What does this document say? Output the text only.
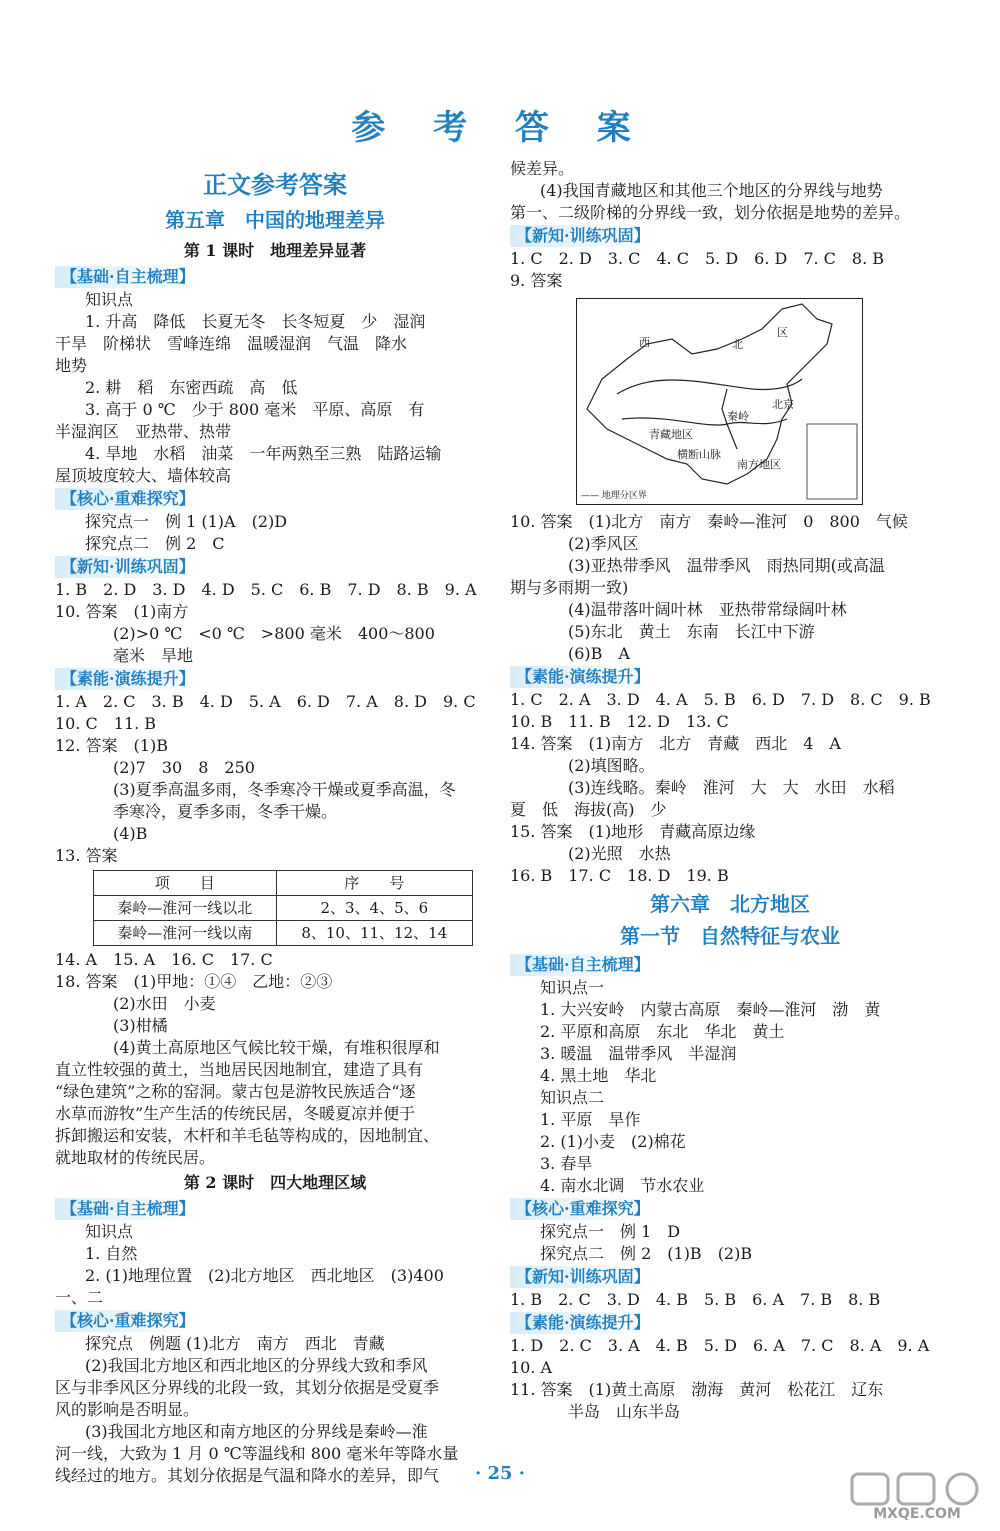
参 考 答 案
正文参考答案
第五章　中国的地理差异
第 1 课时　地理差异显著
【基础·自主梳理】

知识点

1. 升高　降低　长夏无冬　长冬短夏　少　湿润

干旱　阶梯状　雪峰连绵　温暖湿润　气温　降水

地势

2. 耕　稻　东密西疏　高　低

3. 高于 0 ℃　少于 800 毫米　平原、高原　有

半湿润区　亚热带、热带

4. 旱地　水稻　油菜　一年两熟至三熟　陆路运输

屋顶坡度较大、墙体较高

【核心·重难探究】

探究点一　例 1 (1)A　(2)D

探究点二　例 2　C

【新知·训练巩固】

1. B　2. D　3. D　4. D　5. C　6. B　7. D　8. B　9. A

10. 答案　(1)南方

(2)>0 ℃　<0 ℃　>800 毫米　400～800

毫米　旱地

【素能·演练提升】

1. A　2. C　3. B　4. D　5. A　6. D　7. A　8. D　9. C

10. C　11. B

12. 答案　(1)B

(2)7　30　8　250

(3)夏季高温多雨，冬季寒冷干燥或夏季高温，冬

季寒冷，夏季多雨，冬季干燥。

(4)B

13. 答案

项　　目	序　　号
秦岭—淮河一线以北	2、3、4、5、6
秦岭—淮河一线以南	8、10、11、12、14

14. A　15. A　16. C　17. C

18. 答案　(1)甲地：①④　乙地：②③

(2)水田　小麦

(3)柑橘

(4)黄土高原地区气候比较干燥，有堆积很厚和

直立性较强的黄土，当地居民因地制宜，建造了具有

“绿色建筑”之称的窑洞。蒙古包是游牧民族适合“逐

水草而游牧”生产生活的传统民居，冬暖夏凉并便于

拆卸搬运和安装，木杆和羊毛毡等构成的，因地制宜、

就地取材的传统民居。

第 2 课时　四大地理区域
【基础·自主梳理】

知识点

1. 自然

2. (1)地理位置　(2)北方地区　西北地区　(3)400

一、二

【核心·重难探究】

探究点　例题 (1)北方　南方　西北　青藏

(2)我国北方地区和西北地区的分界线大致和季风

区与非季风区分界线的北段一致，其划分依据是受夏季

风的影响是否明显。

(3)我国北方地区和南方地区的分界线是秦岭—淮

河一线，大致为 1 月 0 ℃等温线和 800 毫米年等降水量

线经过的地方。其划分依据是气温和降水的差异，即气

候差异。

(4)我国青藏地区和其他三个地区的分界线与地势

第一、二级阶梯的分界线一致，划分依据是地势的差异。

【新知·训练巩固】

1. C　2. D　3. C　4. C　5. D　6. D　7. C　8. B

9. 答案

西	北
区
北京
青藏地区
秦岭
南方地区
横断山脉
—— 地理分区界

10. 答案　(1)北方　南方　秦岭—淮河　0　800　气候

(2)季风区

(3)亚热带季风　温带季风　雨热同期(或高温

期与多雨期一致)

(4)温带落叶阔叶林　亚热带常绿阔叶林

(5)东北　黄土　东南　长江中下游

(6)B　A

【素能·演练提升】

1. C　2. A　3. D　4. A　5. B　6. D　7. D　8. C　9. B

10. B　11. B　12. D　13. C

14. 答案　(1)南方　北方　青藏　西北　4　A

(2)填图略。

(3)连线略。秦岭　淮河　大　大　水田　水稻

夏　低　海拔(高)　少

15. 答案　(1)地形　青藏高原边缘

(2)光照　水热

16. B　17. C　18. D　19. B

第六章　北方地区
第一节　自然特征与农业
【基础·自主梳理】

知识点一

1. 大兴安岭　内蒙古高原　秦岭—淮河　渤　黄

2. 平原和高原　东北　华北　黄土

3. 暖温　温带季风　半湿润

4. 黑土地　华北

知识点二

1. 平原　旱作

2. (1)小麦　(2)棉花

3. 春旱

4. 南水北调　节水农业

【核心·重难探究】

探究点一　例 1　D

探究点二　例 2　(1)B　(2)B

【新知·训练巩固】

1. B　2. C　3. D　4. B　5. B　6. A　7. B　8. B

【素能·演练提升】

1. D　2. C　3. A　4. B　5. D　6. A　7. C　8. A　9. A

10. A

11. 答案　(1)黄土高原　渤海　黄河　松花江　辽东

半岛　山东半岛

· 25 ·
MXQE.COM
